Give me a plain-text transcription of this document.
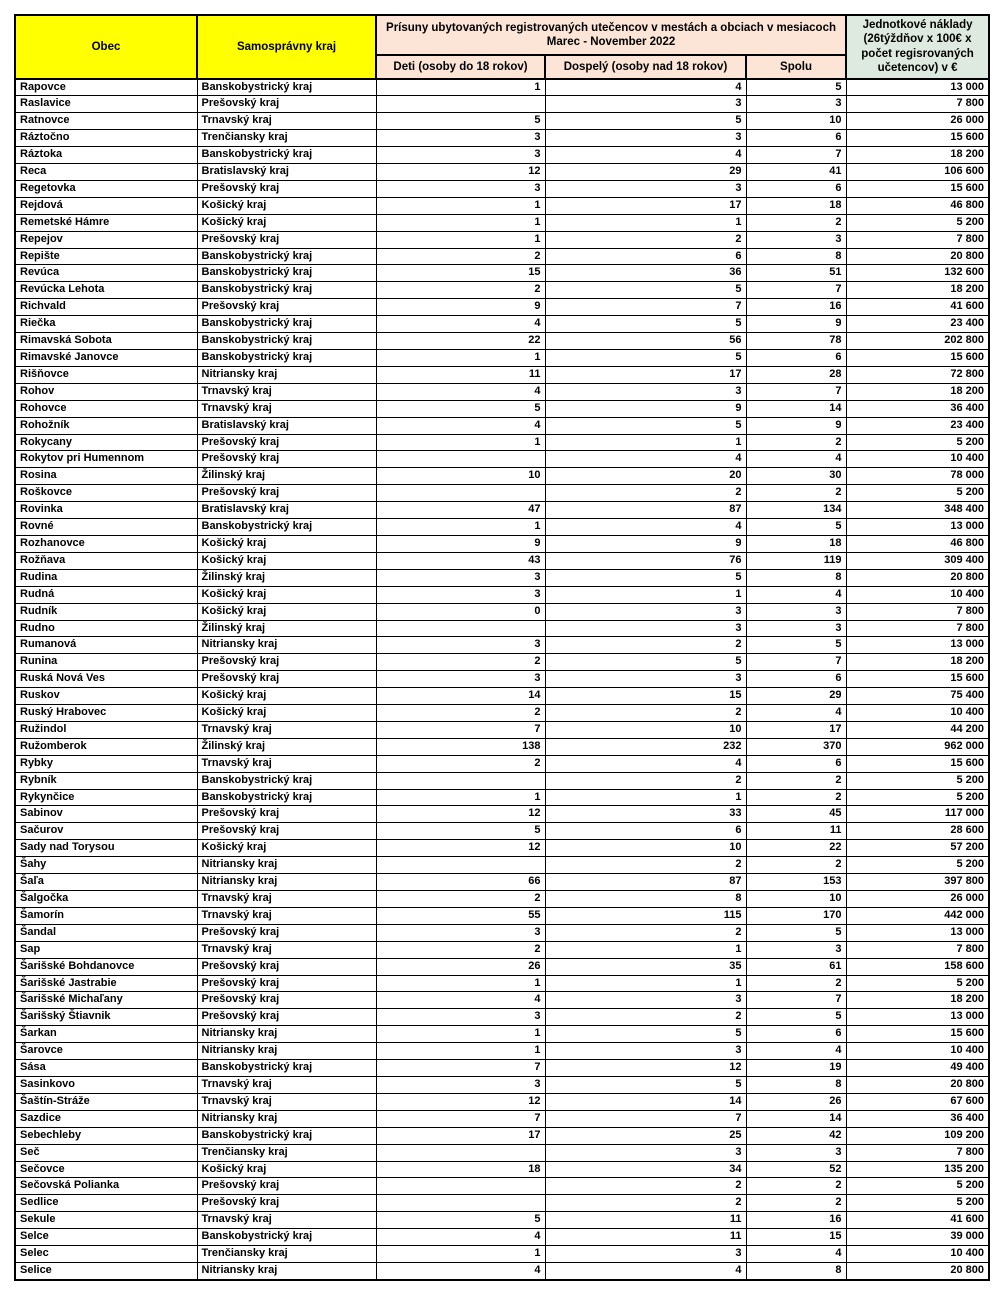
Obec	Samosprávny kraj	Prísuny ubytovaných registrovaných utečencov v mestách a obciach v mesiacoch Marec - November 2022			Jednotkové náklady (26týždňov x 100€ x počet regisrovaných učetencov) v €
		Deti (osoby do 18 rokov)	Dospelý (osoby nad 18 rokov)	Spolu	
Rapovce	Banskobystrický kraj	1	4	5	13 000
Raslavice	Prešovský kraj		3	3	7 800
Ratnovce	Trnavský kraj	5	5	10	26 000
Ráztočno	Trenčiansky kraj	3	3	6	15 600
Ráztoka	Banskobystrický kraj	3	4	7	18 200
Reca	Bratislavský kraj	12	29	41	106 600
Regetovka	Prešovský kraj	3	3	6	15 600
Rejdová	Košický kraj	1	17	18	46 800
Remetské Hámre	Košický kraj	1	1	2	5 200
Repejov	Prešovský kraj	1	2	3	7 800
Repište	Banskobystrický kraj	2	6	8	20 800
Revúca	Banskobystrický kraj	15	36	51	132 600
Revúcka Lehota	Banskobystrický kraj	2	5	7	18 200
Richvald	Prešovský kraj	9	7	16	41 600
Riečka	Banskobystrický kraj	4	5	9	23 400
Rimavská Sobota	Banskobystrický kraj	22	56	78	202 800
Rimavské Janovce	Banskobystrický kraj	1	5	6	15 600
Rišňovce	Nitriansky kraj	11	17	28	72 800
Rohov	Trnavský kraj	4	3	7	18 200
Rohovce	Trnavský kraj	5	9	14	36 400
Rohožník	Bratislavský kraj	4	5	9	23 400
Rokycany	Prešovský kraj	1	1	2	5 200
Rokytov pri Humennom	Prešovský kraj		4	4	10 400
Rosina	Žilinský kraj	10	20	30	78 000
Roškovce	Prešovský kraj		2	2	5 200
Rovinka	Bratislavský kraj	47	87	134	348 400
Rovné	Banskobystrický kraj	1	4	5	13 000
Rozhanovce	Košický kraj	9	9	18	46 800
Rožňava	Košický kraj	43	76	119	309 400
Rudina	Žilinský kraj	3	5	8	20 800
Rudná	Košický kraj	3	1	4	10 400
Rudník	Košický kraj	0	3	3	7 800
Rudno	Žilinský kraj		3	3	7 800
Rumanová	Nitriansky kraj	3	2	5	13 000
Runina	Prešovský kraj	2	5	7	18 200
Ruská Nová Ves	Prešovský kraj	3	3	6	15 600
Ruskov	Košický kraj	14	15	29	75 400
Ruský Hrabovec	Košický kraj	2	2	4	10 400
Ružindol	Trnavský kraj	7	10	17	44 200
Ružomberok	Žilinský kraj	138	232	370	962 000
Rybky	Trnavský kraj	2	4	6	15 600
Rybník	Banskobystrický kraj		2	2	5 200
Rykynčice	Banskobystrický kraj	1	1	2	5 200
Sabinov	Prešovský kraj	12	33	45	117 000
Sačurov	Prešovský kraj	5	6	11	28 600
Sady nad Torysou	Košický kraj	12	10	22	57 200
Šahy	Nitriansky kraj		2	2	5 200
Šaľa	Nitriansky kraj	66	87	153	397 800
Šalgočka	Trnavský kraj	2	8	10	26 000
Šamorín	Trnavský kraj	55	115	170	442 000
Šandal	Prešovský kraj	3	2	5	13 000
Sap	Trnavský kraj	2	1	3	7 800
Šarišské Bohdanovce	Prešovský kraj	26	35	61	158 600
Šarišské Jastrabie	Prešovský kraj	1	1	2	5 200
Šarišské Michaľany	Prešovský kraj	4	3	7	18 200
Šarišský Štiavnik	Prešovský kraj	3	2	5	13 000
Šarkan	Nitriansky kraj	1	5	6	15 600
Šarovce	Nitriansky kraj	1	3	4	10 400
Sása	Banskobystrický kraj	7	12	19	49 400
Sasinkovo	Trnavský kraj	3	5	8	20 800
Šaštín-Stráže	Trnavský kraj	12	14	26	67 600
Sazdice	Nitriansky kraj	7	7	14	36 400
Sebechleby	Banskobystrický kraj	17	25	42	109 200
Seč	Trenčiansky kraj		3	3	7 800
Sečovce	Košický kraj	18	34	52	135 200
Sečovská Polianka	Prešovský kraj		2	2	5 200
Sedlice	Prešovský kraj		2	2	5 200
Sekule	Trnavský kraj	5	11	16	41 600
Selce	Banskobystrický kraj	4	11	15	39 000
Selec	Trenčiansky kraj	1	3	4	10 400
Selice	Nitriansky kraj	4	4	8	20 800
